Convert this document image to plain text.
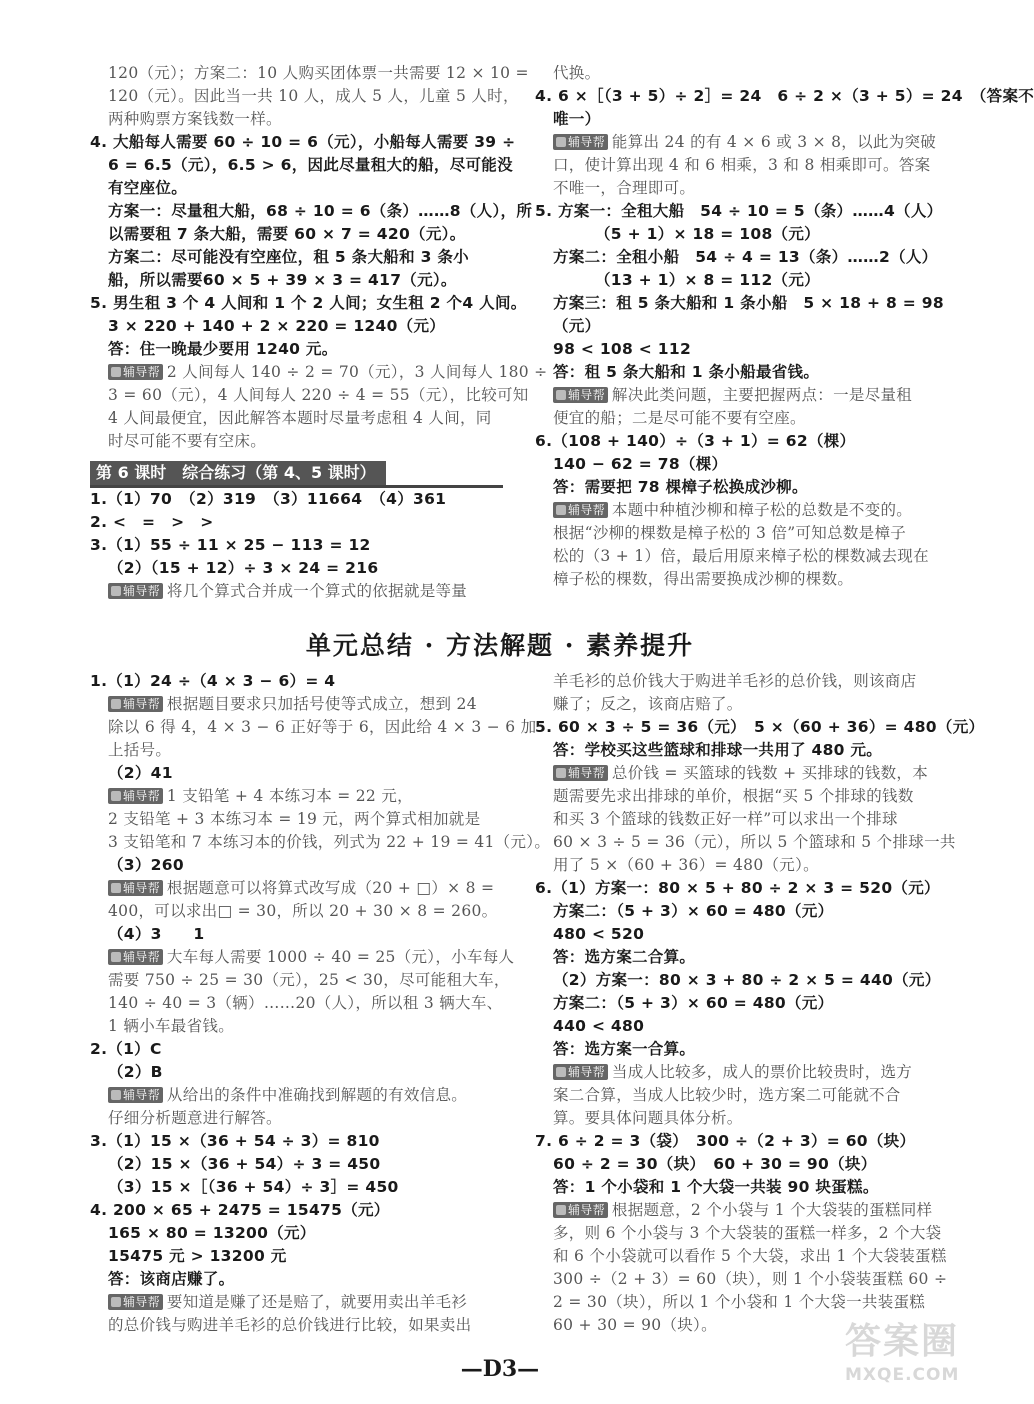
120（元）；方案二：10 人购买团体票一共需要 12 × 10 =
120（元）。因此当一共 10 人，成人 5 人，儿童 5 人时，
两种购票方案钱数一样。
4. 大船每人需要 60 ÷ 10 = 6（元），小船每人需要 39 ÷
6 = 6.5（元），6.5 > 6，因此尽量租大的船，尽可能没
有空座位。
方案一：尽量租大船，68 ÷ 10 = 6（条）……8（人），所
以需要租 7 条大船，需要 60 × 7 = 420（元）。
方案二：尽可能没有空座位，租 5 条大船和 3 条小
船，所以需要60 × 5 + 39 × 3 = 417（元）。
5. 男生租 3 个 4 人间和 1 个 2 人间；女生租 2 个4 人间。
3 × 220 + 140 + 2 × 220 = 1240（元）
答：住一晚最少要用 1240 元。
辅导帮 2 人间每人 140 ÷ 2 = 70（元），3 人间每人 180 ÷
3 = 60（元），4 人间每人 220 ÷ 4 = 55（元），比较可知
4 人间最便宜，因此解答本题时尽量考虑租 4 人间，同
时尽可能不要有空床。
第 6 课时　综合练习（第 4、5 课时）
1.（1）70　（2）319　（3）11664　（4）361
2. <　=　>　>
3.（1）55 ÷ 11 × 25 − 113 = 12
（2）（15 + 12）÷ 3 × 24 = 216
辅导帮 将几个算式合并成一个算式的依据就是等量
代换。
4. 6 ×［（3 + 5）÷ 2］= 24　6 ÷ 2 ×（3 + 5）= 24　（答案不
唯一）
辅导帮 能算出 24 的有 4 × 6 或 3 × 8，以此为突破
口，使计算出现 4 和 6 相乘，3 和 8 相乘即可。答案
不唯一，合理即可。
5. 方案一：全租大船　54 ÷ 10 = 5（条）……4（人）
（5 + 1）× 18 = 108（元）
方案二：全租小船　54 ÷ 4 = 13（条）……2（人）
（13 + 1）× 8 = 112（元）
方案三：租 5 条大船和 1 条小船　5 × 18 + 8 = 98
（元）
98 < 108 < 112
答：租 5 条大船和 1 条小船最省钱。
辅导帮 解决此类问题，主要把握两点：一是尽量租
便宜的船；二是尽可能不要有空座。
6.（108 + 140）÷（3 + 1）= 62（棵）
140 − 62 = 78（棵）
答：需要把 78 棵樟子松换成沙柳。
辅导帮 本题中种植沙柳和樟子松的总数是不变的。
根据“沙柳的棵数是樟子松的 3 倍”可知总数是樟子
松的（3 + 1）倍，最后用原来樟子松的棵数减去现在
樟子松的棵数，得出需要换成沙柳的棵数。
单元总结 · 方法解题 · 素养提升
1.（1）24 ÷（4 × 3 − 6）= 4
辅导帮 根据题目要求只加括号使等式成立，想到 24
除以 6 得 4，4 × 3 − 6 正好等于 6，因此给 4 × 3 − 6 加
上括号。
（2）41
辅导帮 1 支铅笔 + 4 本练习本 = 22 元，
2 支铅笔 + 3 本练习本 = 19 元，两个算式相加就是
3 支铅笔和 7 本练习本的价钱，列式为 22 + 19 = 41（元）。
（3）260
辅导帮 根据题意可以将算式改写成（20 + □）× 8 =
400，可以求出□ = 30，所以 20 + 30 × 8 = 260。
（4）3　　1
辅导帮 大车每人需要 1000 ÷ 40 = 25（元），小车每人
需要 750 ÷ 25 = 30（元），25 < 30，尽可能租大车，
140 ÷ 40 = 3（辆）……20（人），所以租 3 辆大车、
1 辆小车最省钱。
2.（1）C
（2）B
辅导帮 从给出的条件中准确找到解题的有效信息。
仔细分析题意进行解答。
3.（1）15 ×（36 + 54 ÷ 3）= 810
（2）15 ×（36 + 54）÷ 3 = 450
（3）15 ×［（36 + 54）÷ 3］= 450
4. 200 × 65 + 2475 = 15475（元）
165 × 80 = 13200（元）
15475 元 > 13200 元
答：该商店赚了。
辅导帮 要知道是赚了还是赔了，就要用卖出羊毛衫
的总价钱与购进羊毛衫的总价钱进行比较，如果卖出
羊毛衫的总价钱大于购进羊毛衫的总价钱，则该商店
赚了；反之，该商店赔了。
5. 60 × 3 ÷ 5 = 36（元）　5 ×（60 + 36）= 480（元）
答：学校买这些篮球和排球一共用了 480 元。
辅导帮 总价钱 = 买篮球的钱数 + 买排球的钱数，本
题需要先求出排球的单价，根据“买 5 个排球的钱数
和买 3 个篮球的钱数正好一样”可以求出一个排球
60 × 3 ÷ 5 = 36（元），所以 5 个篮球和 5 个排球一共
用了 5 ×（60 + 36）= 480（元）。
6.（1）方案一：80 × 5 + 80 ÷ 2 × 3 = 520（元）
方案二：（5 + 3）× 60 = 480（元）
480 < 520
答：选方案二合算。
（2）方案一：80 × 3 + 80 ÷ 2 × 5 = 440（元）
方案二：（5 + 3）× 60 = 480（元）
440 < 480
答：选方案一合算。
辅导帮 当成人比较多，成人的票价比较贵时，选方
案二合算，当成人比较少时，选方案二可能就不合
算。要具体问题具体分析。
7. 6 ÷ 2 = 3（袋）　300 ÷（2 + 3）= 60（块）
60 ÷ 2 = 30（块）　60 + 30 = 90（块）
答：1 个小袋和 1 个大袋一共装 90 块蛋糕。
辅导帮 根据题意，2 个小袋与 1 个大袋装的蛋糕同样
多，则 6 个小袋与 3 个大袋装的蛋糕一样多，2 个大袋
和 6 个小袋就可以看作 5 个大袋，求出 1 个大袋装蛋糕
300 ÷（2 + 3）= 60（块），则 1 个小袋装蛋糕 60 ÷
2 = 30（块），所以 1 个小袋和 1 个大袋一共装蛋糕
60 + 30 = 90（块）。
—D3—
答案圈
MXQE.COM
